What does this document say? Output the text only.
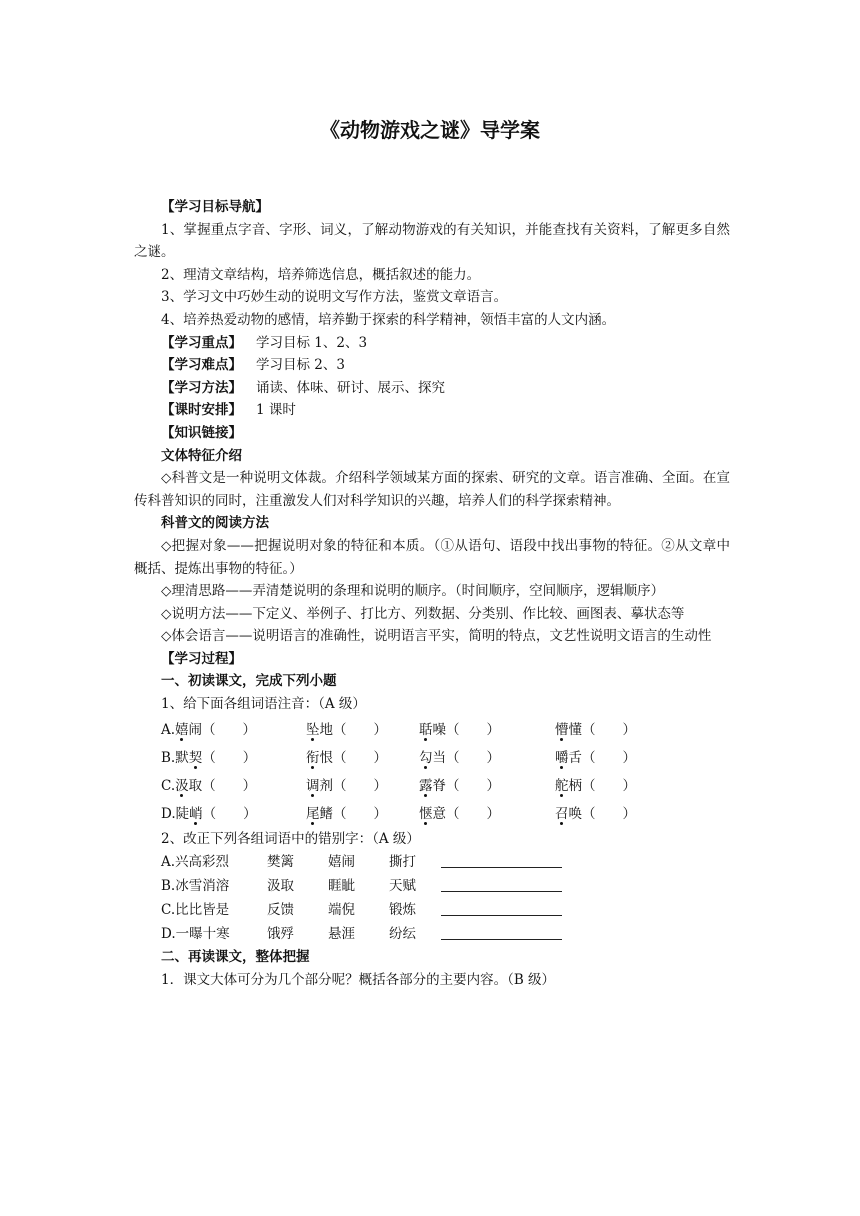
《动物游戏之谜》导学案
【学习目标导航】
1、掌握重点字音、字形、词义，了解动物游戏的有关知识，并能查找有关资料，了解更多自然之谜。
2、理清文章结构，培养筛选信息，概括叙述的能力。
3、学习文中巧妙生动的说明文写作方法，鉴赏文章语言。
4、培养热爱动物的感情，培养勤于探索的科学精神，领悟丰富的人文内涵。
【学习重点】 学习目标 1、2、3
【学习难点】 学习目标 2、3
【学习方法】 诵读、体味、研讨、展示、探究
【课时安排】 1 课时
【知识链接】
文体特征介绍
◇科普文是一种说明文体裁。介绍科学领域某方面的探索、研究的文章。语言准确、全面。在宣传科普知识的同时，注重激发人们对科学知识的兴趣，培养人们的科学探索精神。
科普文的阅读方法
◇把握对象——把握说明对象的特征和本质。（①从语句、语段中找出事物的特征。②从文章中概括、提炼出事物的特征。）
◇理清思路——弄清楚说明的条理和说明的顺序。（时间顺序，空间顺序，逻辑顺序）
◇说明方法——下定义、举例子、打比方、列数据、分类别、作比较、画图表、摹状态等
◇体会语言——说明语言的准确性，说明语言平实，简明的特点，文艺性说明文语言的生动性
【学习过程】
一、初读课文，完成下列小题
1、给下面各组词语注音：（A 级）
A.嬉闹（　　）	坠地（　　）	聒噪（　　）	懵懂（　　）
B.默契（　　）	衔恨（　　）	勾当（　　）	嚼舌（　　）
C.汲取（　　）	调剂（　　）	露脊（　　）	舵柄（　　）
D.陡峭（　　）	尾鳍（　　）	惬意（　　）	召唤（　　）
2、改正下列各组词语中的错别字：（A 级）
A.兴高彩烈	樊篱	嬉闹	撕打
B.冰雪消溶	汲取	睚眦	天赋
C.比比皆是	反馈	端倪	锻炼
D.一曝十寒	饿殍	悬涯	纷纭
二、再读课文，整体把握
1．课文大体可分为几个部分呢？概括各部分的主要内容。（B 级）
